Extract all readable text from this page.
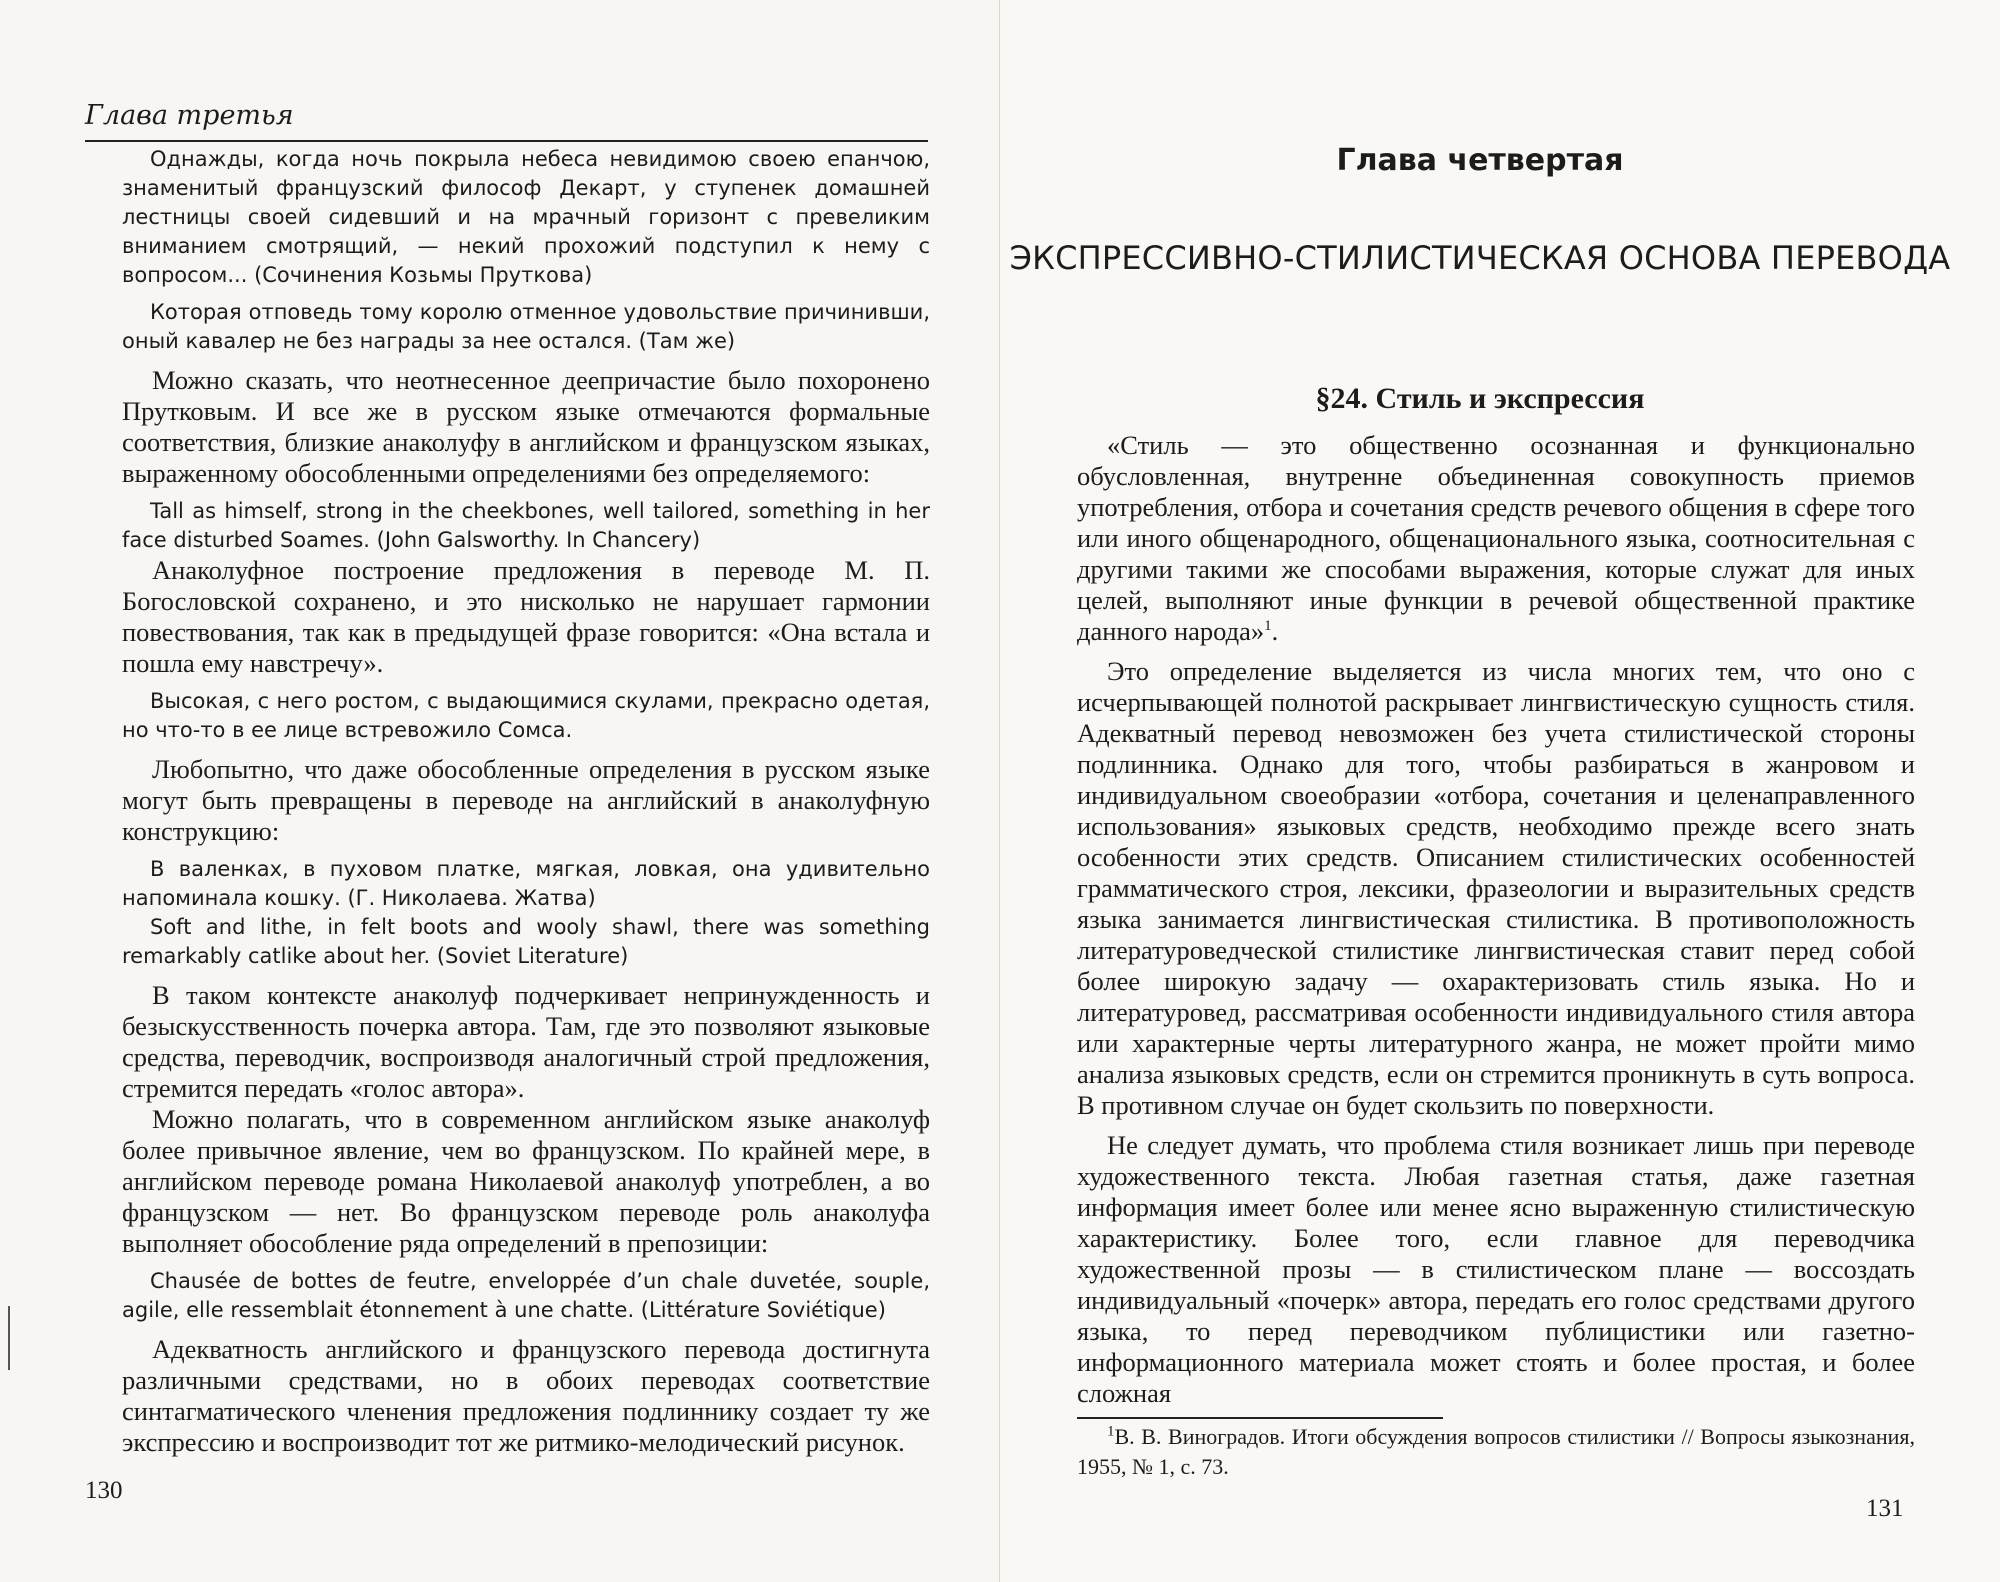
Глава третья

Однажды, когда ночь покрыла небеса невидимою своею епанчою, знаменитый французский философ Декарт, у ступенек домашней лестницы своей сидевший и на мрачный горизонт с превеликим вниманием смотрящий, — некий прохожий подступил к нему с вопросом... (Сочинения Козьмы Пруткова)

Которая отповедь тому королю отменное удовольствие причинивши, оный кавалер не без награды за нее остался. (Там же)

Можно сказать, что неотнесенное деепричастие было похоронено Прутковым. И все же в русском языке отмечаются формальные соответствия, близкие анаколуфу в английском и французском языках, выраженному обособленными определениями без определяемого:

Tall as himself, strong in the cheekbones, well tailored, something in her face disturbed Soames. (John Galsworthy. In Chancery)

Анаколуфное построение предложения в переводе М. П. Богословской сохранено, и это нисколько не нарушает гармонии повествования, так как в предыдущей фразе говорится: «Она встала и пошла ему навстречу».

Высокая, с него ростом, с выдающимися скулами, прекрасно одетая, но что-то в ее лице встревожило Сомса.

Любопытно, что даже обособленные определения в русском языке могут быть превращены в переводе на английский в анаколуфную конструкцию:

В валенках, в пуховом платке, мягкая, ловкая, она удивительно напоминала кошку. (Г. Николаева. Жатва)

Soft and lithe, in felt boots and wooly shawl, there was something remarkably catlike about her. (Soviet Literature)

В таком контексте анаколуф подчеркивает непринужденность и безыскусственность почерка автора. Там, где это позволяют языковые средства, переводчик, воспроизводя аналогичный строй предложения, стремится передать «голос автора».

Можно полагать, что в современном английском языке анаколуф более привычное явление, чем во французском. По крайней мере, в английском переводе романа Николаевой анаколуф употреблен, а во французском — нет. Во французском переводе роль анаколуфа выполняет обособление ряда определений в препозиции:

Chausée de bottes de feutre, enveloppée d’un chale duvetée, souple, agile, elle ressemblait étonnement à une chatte. (Littérature Soviétique)

Адекватность английского и французского перевода достигнута различными средствами, но в обоих переводах соответствие синтагматического членения предложения подлиннику создает ту же экспрессию и воспроизводит тот же ритмико-мелодический рисунок.

130
Глава четвертая
ЭКСПРЕССИВНО-СТИЛИСТИЧЕСКАЯ ОСНОВА ПЕРЕВОДА
§24. Стиль и экспрессия

«Стиль — это общественно осознанная и функционально обусловленная, внутренне объединенная совокупность приемов употребления, отбора и сочетания средств речевого общения в сфере того или иного общенародного, общенационального языка, соотносительная с другими такими же способами выражения, которые служат для иных целей, выполняют иные функции в речевой общественной практике данного народа»$^1$.

Это определение выделяется из числа многих тем, что оно с исчерпывающей полнотой раскрывает лингвистическую сущность стиля. Адекватный перевод невозможен без учета стилистической стороны подлинника. Однако для того, чтобы разбираться в жанровом и индивидуальном своеобразии «отбора, сочетания и целенаправленного использования» языковых средств, необходимо прежде всего знать особенности этих средств. Описанием стилистических особенностей грамматического строя, лексики, фразеологии и выразительных средств языка занимается лингвистическая стилистика. В противоположность литературоведческой стилистике лингвистическая ставит перед собой более широкую задачу — охарактеризовать стиль языка. Но и литературовед, рассматривая особенности индивидуального стиля автора или характерные черты литературного жанра, не может пройти мимо анализа языковых средств, если он стремится проникнуть в суть вопроса. В противном случае он будет скользить по поверхности.

Не следует думать, что проблема стиля возникает лишь при переводе художественного текста. Любая газетная статья, даже газетная информация имеет более или менее ясно выраженную стилистическую характеристику. Более того, если главное для переводчика художественной прозы — в стилистическом плане — воссоздать индивидуальный «почерк» автора, передать его голос средствами другого языка, то перед переводчиком публицистики или газетно-информационного материала может стоять и более простая, и более сложная

$^1$В. В. Виноградов. Итоги обсуждения вопросов стилистики // Вопросы языкознания, 1955, № 1, с. 73.
131
